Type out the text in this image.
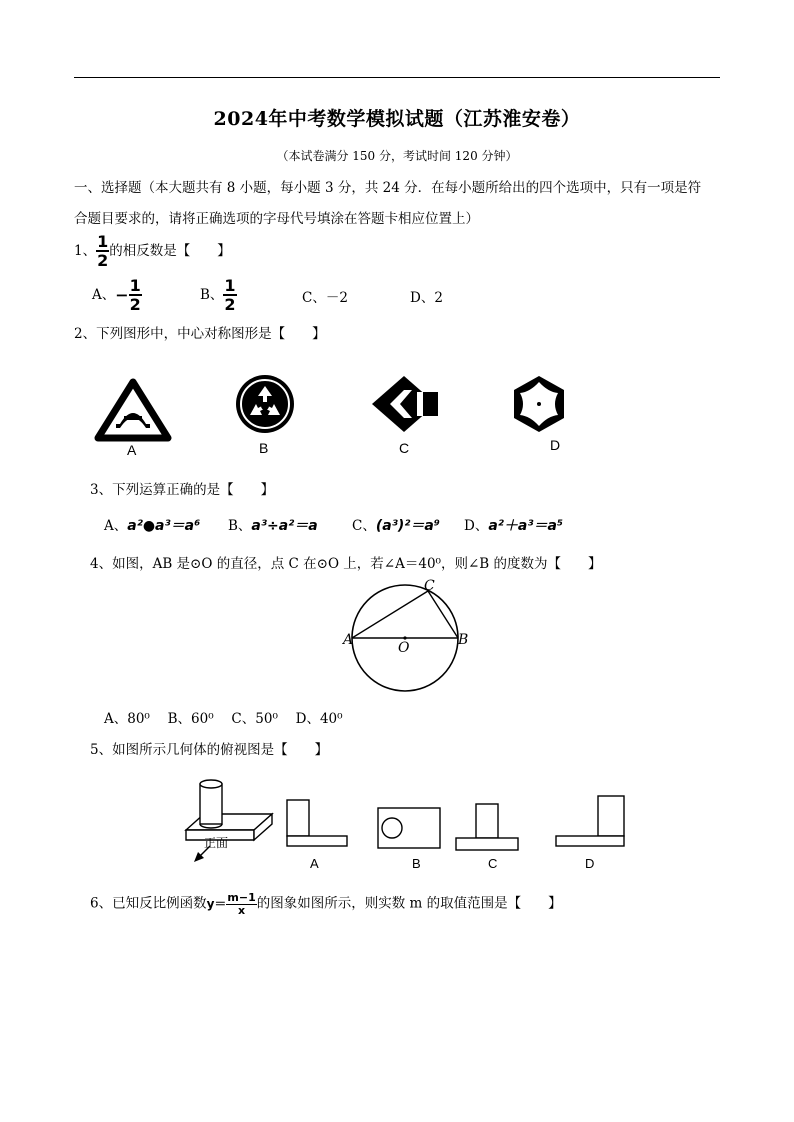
2024年中考数学模拟试题（江苏淮安卷）
（本试卷满分 150 分，考试时间 120 分钟）
一、选择题（本大题共有 8 小题，每小题 3 分，共 24 分．在每小题所给出的四个选项中，只有一项是符
合题目要求的，请将正确选项的字母代号填涂在答题卡相应位置上）
1、 $\frac{1}{2}$ 的相反数是【　　】
A、− $\frac{1}{2}$	B、 $\frac{1}{2}$	C、－2	D、2
2、下列图形中，中心对称图形是【　　】
A	B	C	D
3、下列运算正确的是【　　】
A、a²●a³＝a⁶ B、a³÷a²＝a	C、(a³)²＝a⁹ D、a²＋a³＝a⁵
4、如图，AB 是⊙O 的直径，点 C 在⊙O 上，若∠A＝40⁰，则∠B 的度数为【　　】
A	B
C
O
A、80⁰　 B、60⁰　 C、50⁰　 D、40⁰
5、如图所示几何体的俯视图是【　　】
正面
A	B	C	D
6、已知反比例函数$y= \frac{m-1}{x}$ 的图象如图所示，则实数 m 的取值范围是【　　】
